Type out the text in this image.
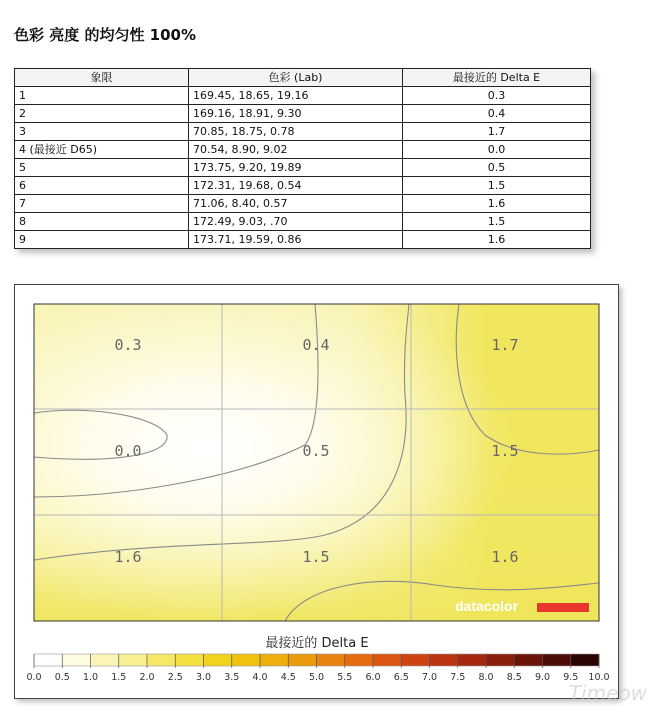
色彩 亮度 的均匀性 100%
象限	色彩 (Lab)	最接近的 Delta E
1	169.45, 18.65, 19.16	0.3
2	169.16, 18.91, 9.30	0.4
3	70.85, 18.75, 0.78	1.7
4 (最接近 D65)	70.54, 8.90, 9.02	0.0
5	173.75, 9.20, 19.89	0.5
6	172.31, 19.68, 0.54	1.5
7	71.06, 8.40, 0.57	1.6
8	172.49, 9.03, .70	1.5
9	173.71, 19.59, 0.86	1.6
0.3	0.4	1.7
0.0	0.5	1.5
1.6	1.5	1.6
datacolor
最接近的 Delta E
0.0 0.5 1.0 1.5 2.0 2.5 3.0 3.5 4.0 4.5 5.0 5.5 6.0 6.5 7.0 7.5 8.0 8.5 9.0 9.5 10.0
Timeow
